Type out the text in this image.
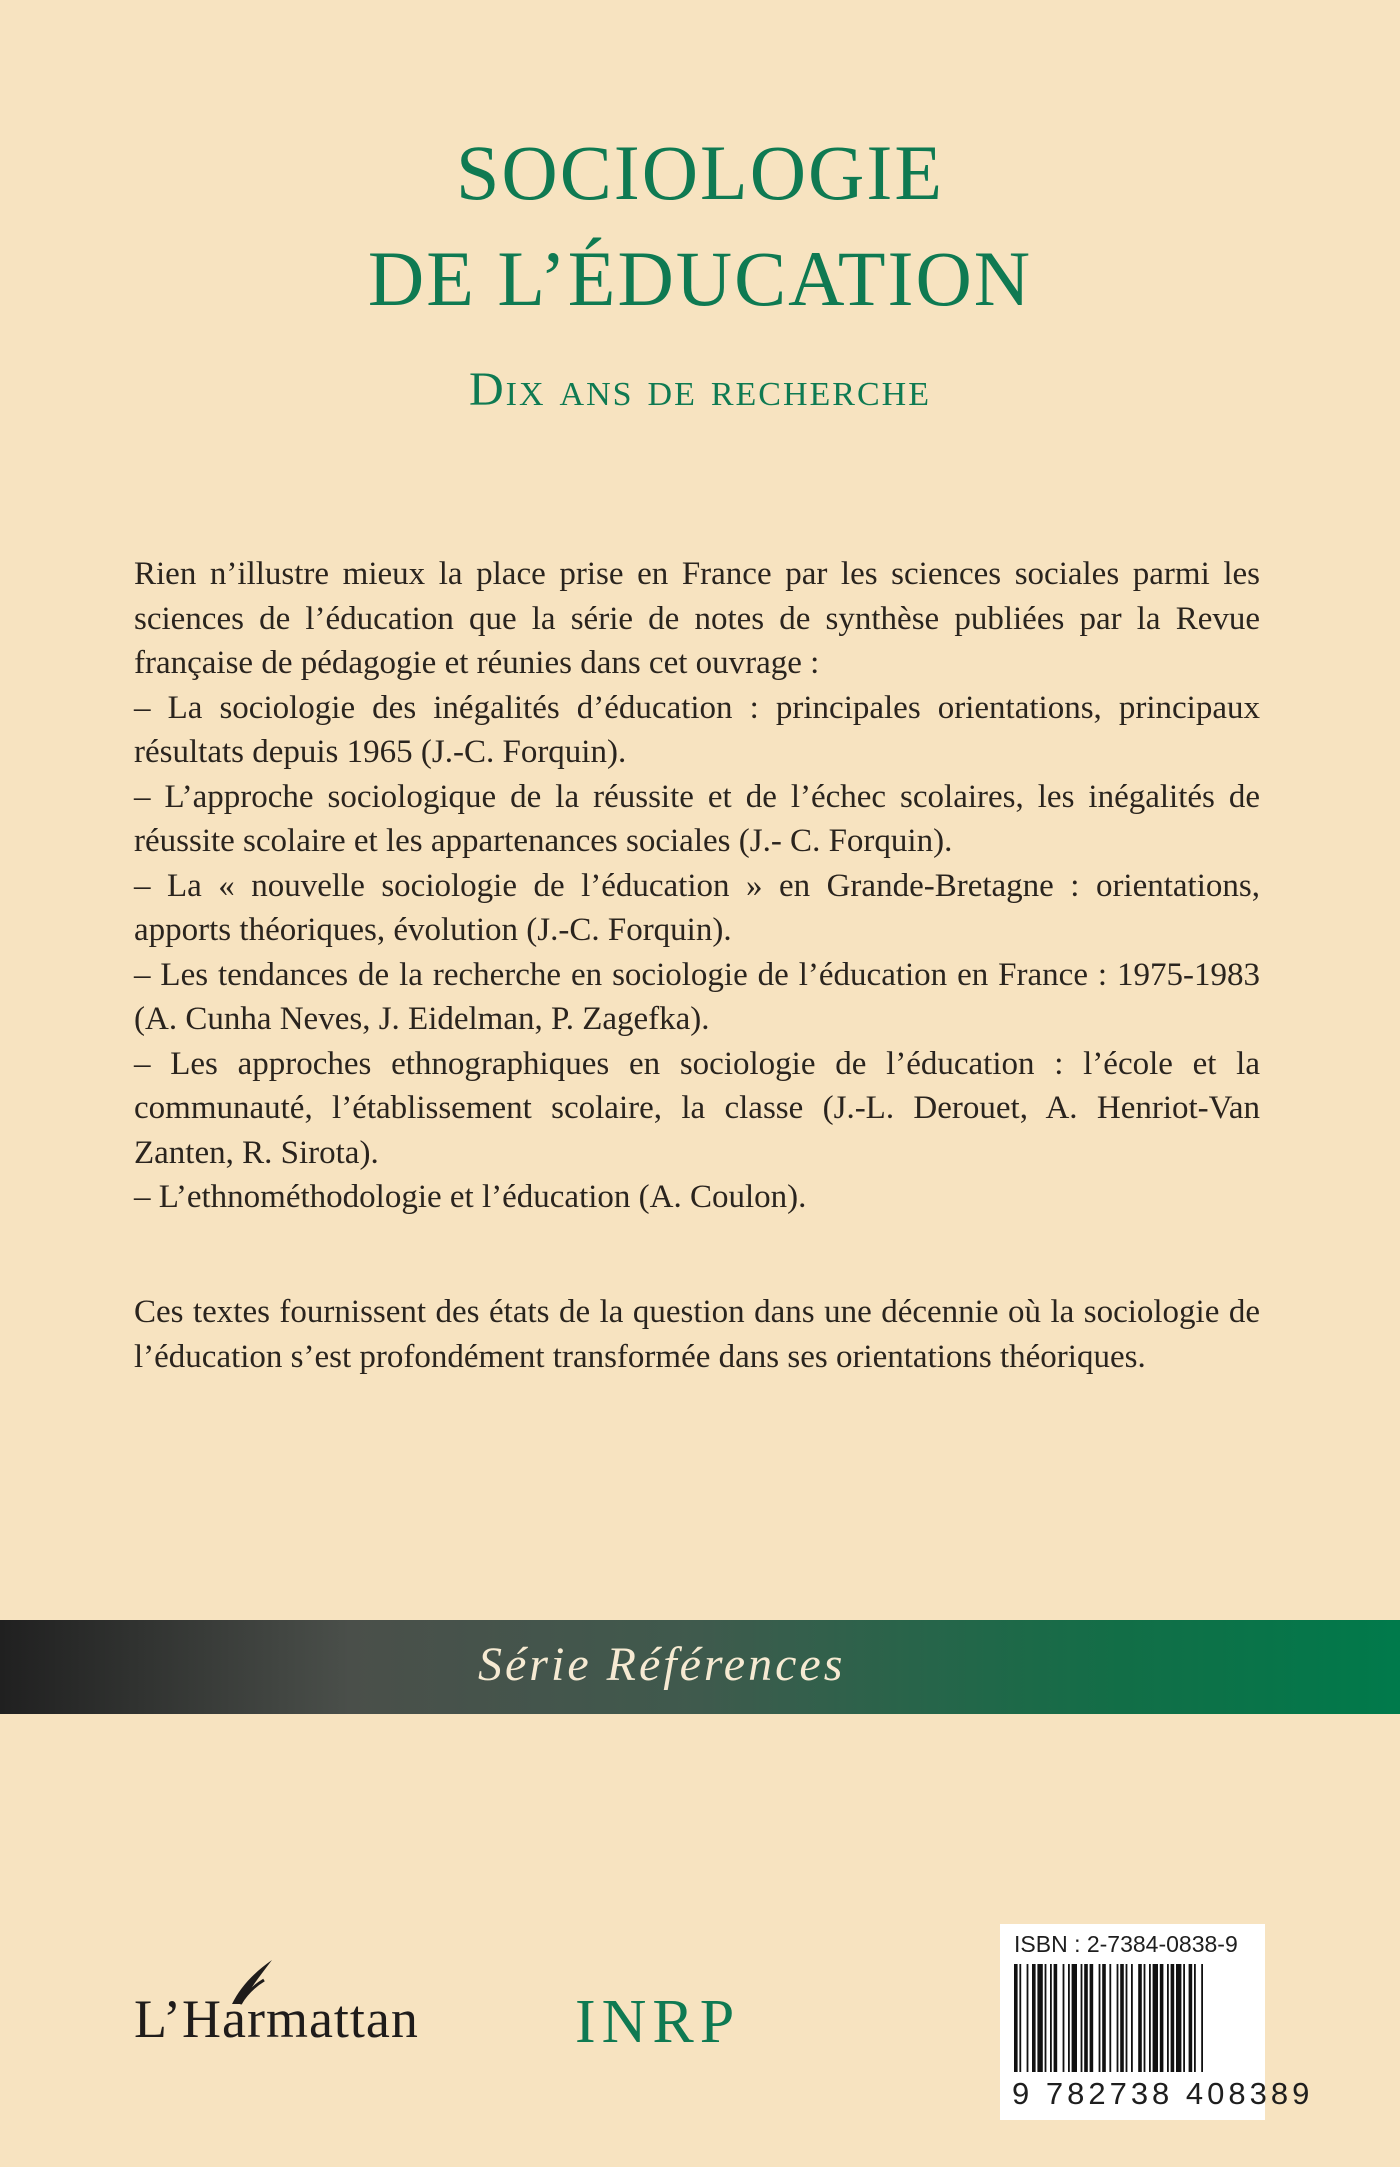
SOCIOLOGIE
DE L’ÉDUCATION
Dix ans de recherche

Rien n’illustre mieux la place prise en France par les sciences sociales parmi les sciences de l’éducation que la série de notes de synthèse publiées par la Revue française de pédagogie et réunies dans cet ouvrage :

– La sociologie des inégalités d’éducation : principales orientations, principaux résultats depuis 1965 (J.-C. Forquin).

– L’approche sociologique de la réussite et de l’échec scolaires, les inégalités de réussite scolaire et les appartenances sociales (J.- C. Forquin).

– La « nouvelle sociologie de l’éducation » en Grande-Bretagne : orientations, apports théoriques, évolution (J.-C. Forquin).

– Les tendances de la recherche en sociologie de l’éducation en France : 1975-1983 (A. Cunha Neves, J. Eidelman, P. Zagefka).

– Les approches ethnographiques en sociologie de l’éducation : l’école et la communauté, l’établissement scolaire, la classe (J.-L. Derouet, A. Henriot-Van Zanten, R. Sirota).

– L’ethnométhodologie et l’éducation (A. Coulon).

Ces textes fournissent des états de la question dans une décennie où la sociologie de l’éducation s’est profondément transformée dans ses orientations théoriques.

Série Références
L’Harmattan	INRP
ISBN : 2-7384-0838-9
9 782738 408389
